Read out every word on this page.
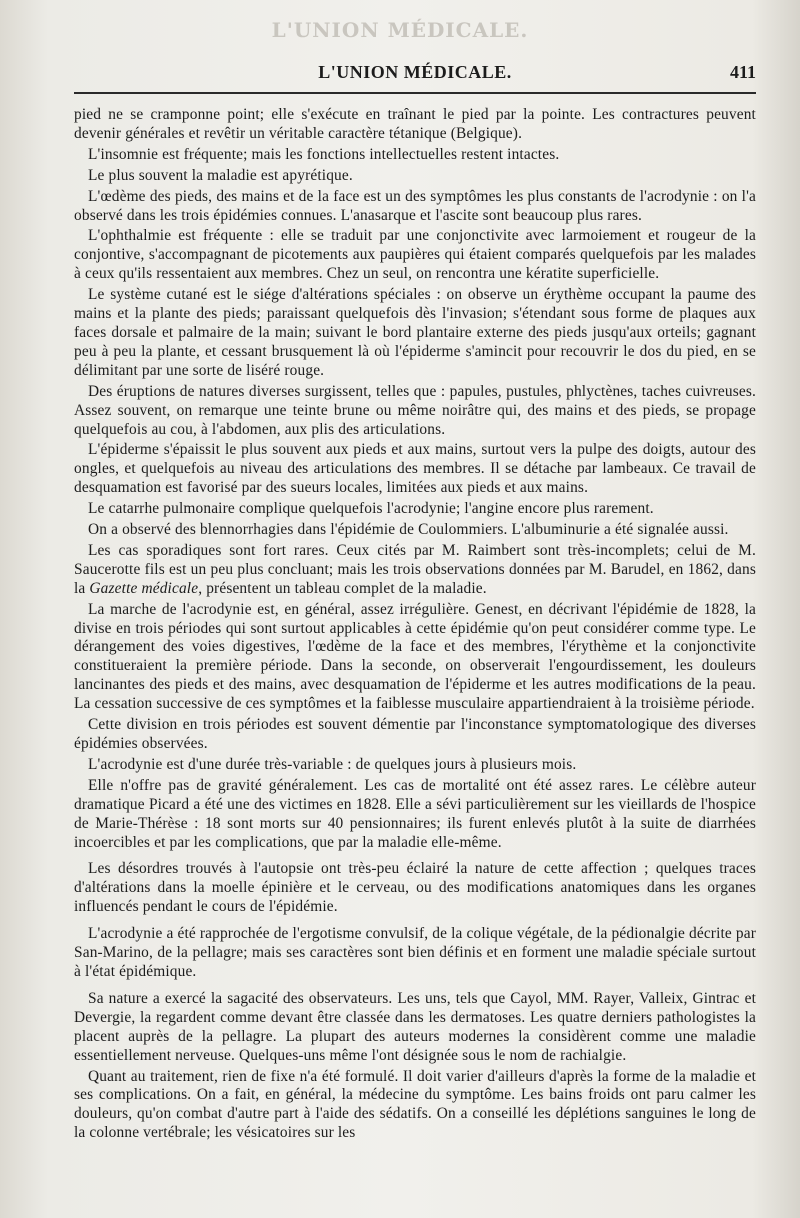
L'UNION MÉDICALE.
L'UNION MÉDICALE.	411

pied ne se cramponne point; elle s'exécute en traînant le pied par la pointe. Les contractures peuvent devenir générales et revêtir un véritable caractère tétanique (Belgique).

L'insomnie est fréquente; mais les fonctions intellectuelles restent intactes.

Le plus souvent la maladie est apyrétique.

L'œdème des pieds, des mains et de la face est un des symptômes les plus constants de l'acrodynie : on l'a observé dans les trois épidémies connues. L'anasarque et l'ascite sont beaucoup plus rares.

L'ophthalmie est fréquente : elle se traduit par une conjonctivite avec larmoiement et rougeur de la conjontive, s'accompagnant de picotements aux paupières qui étaient comparés quelquefois par les malades à ceux qu'ils ressentaient aux membres. Chez un seul, on rencontra une kératite superficielle.

Le système cutané est le siége d'altérations spéciales : on observe un érythème occupant la paume des mains et la plante des pieds; paraissant quelquefois dès l'invasion; s'étendant sous forme de plaques aux faces dorsale et palmaire de la main; suivant le bord plantaire externe des pieds jusqu'aux orteils; gagnant peu à peu la plante, et cessant brusquement là où l'épiderme s'amincit pour recouvrir le dos du pied, en se délimitant par une sorte de liséré rouge.

Des éruptions de natures diverses surgissent, telles que : papules, pustules, phlyctènes, taches cuivreuses. Assez souvent, on remarque une teinte brune ou même noirâtre qui, des mains et des pieds, se propage quelquefois au cou, à l'abdomen, aux plis des articulations.

L'épiderme s'épaissit le plus souvent aux pieds et aux mains, surtout vers la pulpe des doigts, autour des ongles, et quelquefois au niveau des articulations des membres. Il se détache par lambeaux. Ce travail de desquamation est favorisé par des sueurs locales, limitées aux pieds et aux mains.

Le catarrhe pulmonaire complique quelquefois l'acrodynie; l'angine encore plus rarement.

On a observé des blennorrhagies dans l'épidémie de Coulommiers. L'albuminurie a été signalée aussi.

Les cas sporadiques sont fort rares. Ceux cités par M. Raimbert sont très-incomplets; celui de M. Saucerotte fils est un peu plus concluant; mais les trois observations données par M. Barudel, en 1862, dans la Gazette médicale, présentent un tableau complet de la maladie.

La marche de l'acrodynie est, en général, assez irrégulière. Genest, en décrivant l'épidémie de 1828, la divise en trois périodes qui sont surtout applicables à cette épidémie qu'on peut considérer comme type. Le dérangement des voies digestives, l'œdème de la face et des membres, l'érythème et la conjonctivite constitueraient la première période. Dans la seconde, on observerait l'engourdissement, les douleurs lancinantes des pieds et des mains, avec desquamation de l'épiderme et les autres modifications de la peau. La cessation successive de ces symptômes et la faiblesse musculaire appartiendraient à la troisième période.

Cette division en trois périodes est souvent démentie par l'inconstance symptomatologique des diverses épidémies observées.

L'acrodynie est d'une durée très-variable : de quelques jours à plusieurs mois.

Elle n'offre pas de gravité généralement. Les cas de mortalité ont été assez rares. Le célèbre auteur dramatique Picard a été une des victimes en 1828. Elle a sévi particulièrement sur les vieillards de l'hospice de Marie-Thérèse : 18 sont morts sur 40 pensionnaires; ils furent enlevés plutôt à la suite de diarrhées incoercibles et par les complications, que par la maladie elle-même.

Les désordres trouvés à l'autopsie ont très-peu éclairé la nature de cette affection ; quelques traces d'altérations dans la moelle épinière et le cerveau, ou des modifications anatomiques dans les organes influencés pendant le cours de l'épidémie.

L'acrodynie a été rapprochée de l'ergotisme convulsif, de la colique végétale, de la pédionalgie décrite par San-Marino, de la pellagre; mais ses caractères sont bien définis et en forment une maladie spéciale surtout à l'état épidémique.

Sa nature a exercé la sagacité des observateurs. Les uns, tels que Cayol, MM. Rayer, Valleix, Gintrac et Devergie, la regardent comme devant être classée dans les dermatoses. Les quatre derniers pathologistes la placent auprès de la pellagre. La plupart des auteurs modernes la considèrent comme une maladie essentiellement nerveuse. Quelques-uns même l'ont désignée sous le nom de rachialgie.

Quant au traitement, rien de fixe n'a été formulé. Il doit varier d'ailleurs d'après la forme de la maladie et ses complications. On a fait, en général, la médecine du symptôme. Les bains froids ont paru calmer les douleurs, qu'on combat d'autre part à l'aide des sédatifs. On a conseillé les déplétions sanguines le long de la colonne vertébrale; les vésicatoires sur les
